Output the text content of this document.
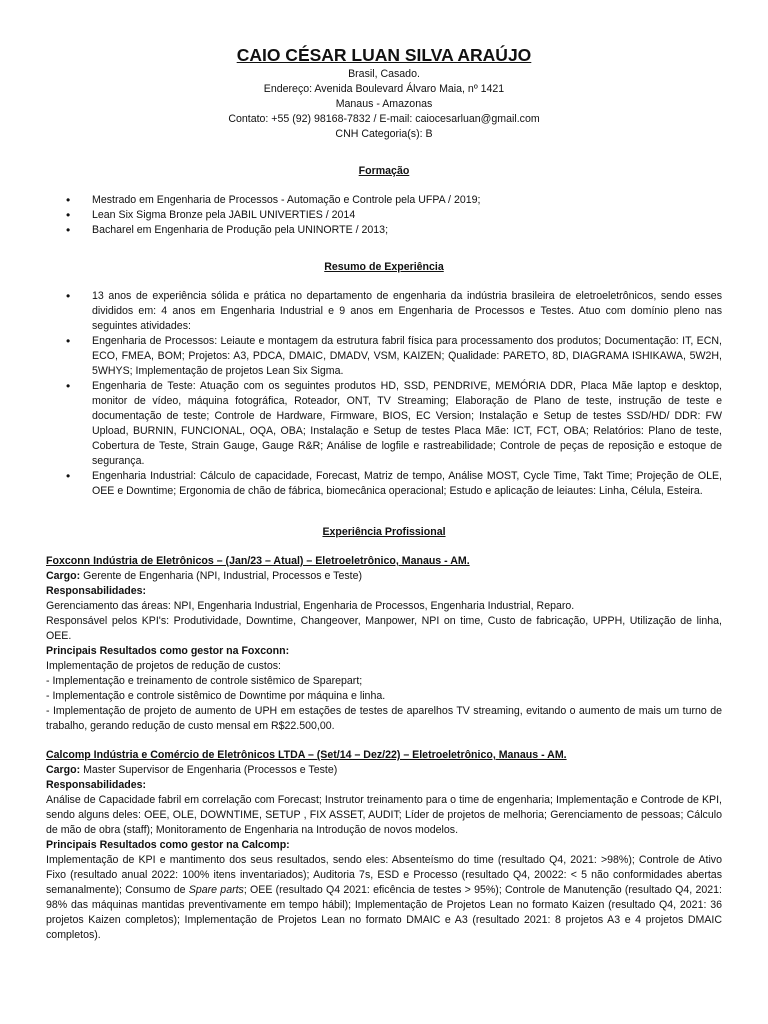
CAIO CÉSAR LUAN SILVA ARAÚJO
Brasil, Casado.
Endereço: Avenida Boulevard Álvaro Maia, nº 1421
Manaus - Amazonas
Contato: +55 (92) 98168-7832 / E-mail: caiocesarluan@gmail.com
CNH Categoria(s): B
Formação
• Mestrado em Engenharia de Processos - Automação e Controle pela UFPA / 2019;
• Lean Six Sigma Bronze pela JABIL UNIVERTIES / 2014
• Bacharel em Engenharia de Produção pela UNINORTE / 2013;
Resumo de Experiência
• 13 anos de experiência sólida e prática no departamento de engenharia da indústria brasileira de eletroeletrônicos, sendo esses divididos em: 4 anos em Engenharia Industrial e 9 anos em Engenharia de Processos e Testes. Atuo com domínio pleno nas seguintes atividades:
• Engenharia de Processos: Leiaute e montagem da estrutura fabril física para processamento dos produtos; Documentação: IT, ECN, ECO, FMEA, BOM; Projetos: A3, PDCA, DMAIC, DMADV, VSM, KAIZEN; Qualidade: PARETO, 8D, DIAGRAMA ISHIKAWA, 5W2H, 5WHYS; Implementação de projetos Lean Six Sigma.
• Engenharia de Teste: Atuação com os seguintes produtos HD, SSD, PENDRIVE, MEMÓRIA DDR, Placa Mãe laptop e desktop, monitor de vídeo, máquina fotográfica, Roteador, ONT, TV Streaming; Elaboração de Plano de teste, instrução de teste e documentação de teste; Controle de Hardware, Firmware, BIOS, EC Version; Instalação e Setup de testes SSD/HD/ DDR: FW Upload, BURNIN, FUNCIONAL, OQA, OBA; Instalação e Setup de testes Placa Mãe: ICT, FCT, OBA; Relatórios: Plano de teste, Cobertura de Teste, Strain Gauge, Gauge R&R; Análise de logfile e rastreabilidade; Controle de peças de reposição e estoque de segurança.
• Engenharia Industrial: Cálculo de capacidade, Forecast, Matriz de tempo, Análise MOST, Cycle Time, Takt Time; Projeção de OLE, OEE e Downtime; Ergonomia de chão de fábrica, biomecânica operacional; Estudo e aplicação de leiautes: Linha, Célula, Esteira.
Experiência Profissional
Foxconn Indústria de Eletrônicos – (Jan/23 – Atual) – Eletroeletrônico, Manaus - AM.
Cargo: Gerente de Engenharia (NPI, Industrial, Processos e Teste)
Responsabilidades:
Gerenciamento das áreas: NPI, Engenharia Industrial, Engenharia de Processos, Engenharia Industrial, Reparo.
Responsável pelos KPI's: Produtividade, Downtime, Changeover, Manpower, NPI on time, Custo de fabricação, UPPH, Utilização de linha, OEE.
Principais Resultados como gestor na Foxconn:
Implementação de projetos de redução de custos:
- Implementação e treinamento de controle sistêmico de Sparepart;
- Implementação e controle sistêmico de Downtime por máquina e linha.
- Implementação de projeto de aumento de UPH em estações de testes de aparelhos TV streaming, evitando o aumento de mais um turno de trabalho, gerando redução de custo mensal em R$22.500,00.
Calcomp Indústria e Comércio de Eletrônicos LTDA – (Set/14 – Dez/22) – Eletroeletrônico, Manaus - AM.
Cargo: Master Supervisor de Engenharia (Processos e Teste)
Responsabilidades:
Análise de Capacidade fabril em correlação com Forecast; Instrutor treinamento para o time de engenharia; Implementação e Controde de KPI, sendo alguns deles: OEE, OLE, DOWNTIME, SETUP , FIX ASSET, AUDIT; Líder de projetos de melhoria; Gerenciamento de pessoas; Cálculo de mão de obra (staff); Monitoramento de Engenharia na Introdução de novos modelos.
Principais Resultados como gestor na Calcomp:
Implementação de KPI e mantimento dos seus resultados, sendo eles: Absenteísmo do time (resultado Q4, 2021: >98%); Controle de Ativo Fixo (resultado anual 2022: 100% itens inventariados); Auditoria 7s, ESD e Processo (resultado Q4, 20022: < 5 não conformidades abertas semanalmente); Consumo de Spare parts; OEE (resultado Q4 2021: eficência de testes > 95%); Controle de Manutenção (resultado Q4, 2021: 98% das máquinas mantidas preventivamente em tempo hábil); Implementação de Projetos Lean no formato Kaizen (resultado Q4, 2021: 36 projetos Kaizen completos); Implementação de Projetos Lean no formato DMAIC e A3 (resultado 2021: 8 projetos A3 e 4 projetos DMAIC completos).
